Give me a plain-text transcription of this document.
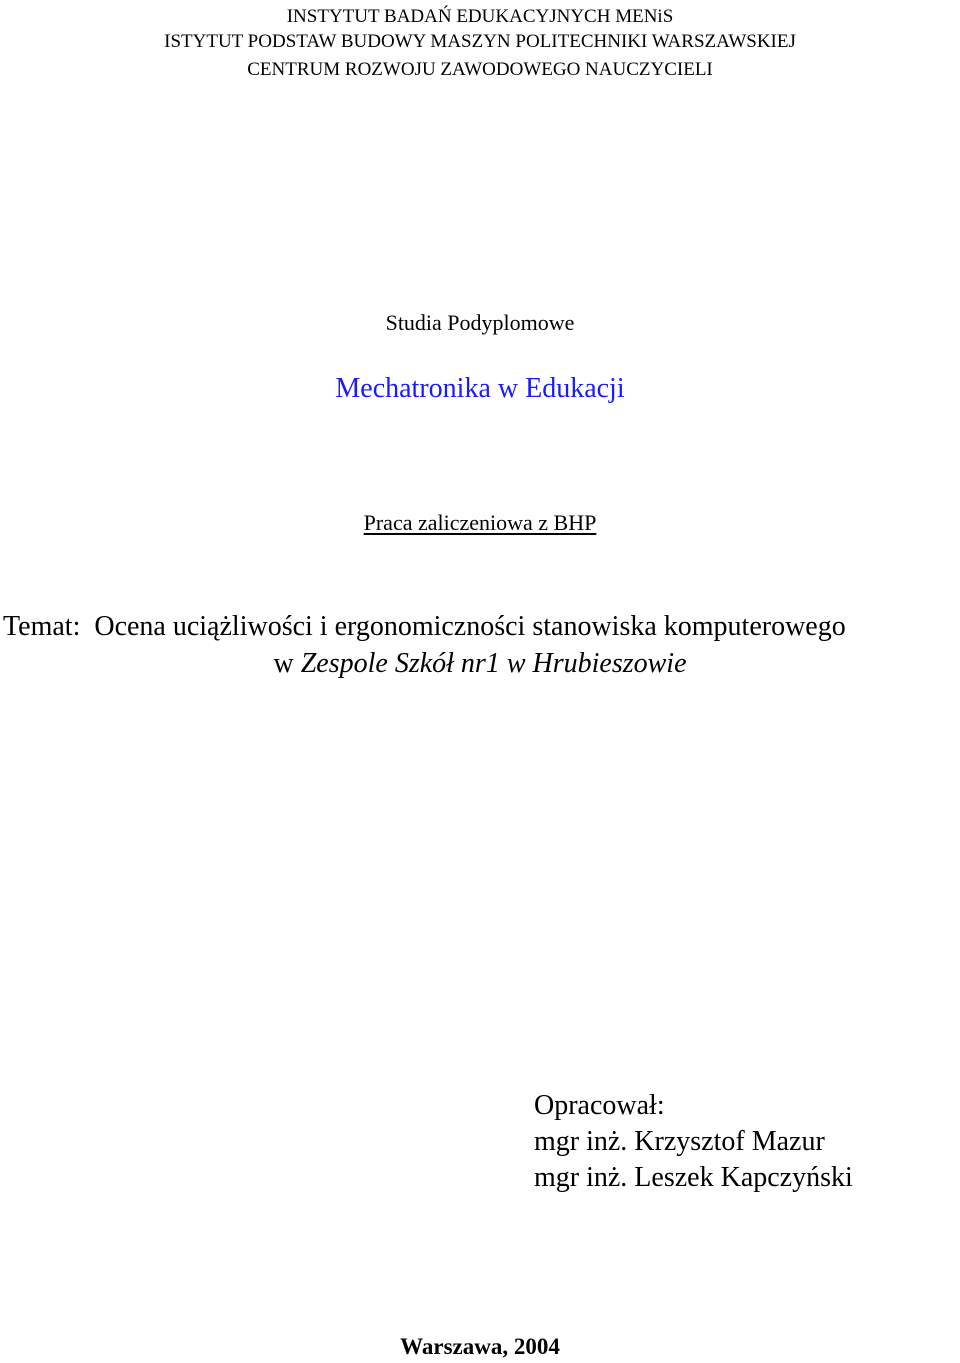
INSTYTUT BADAŃ EDUKACYJNYCH MENiS
ISTYTUT PODSTAW BUDOWY MASZYN POLITECHNIKI WARSZAWSKIEJ
CENTRUM ROZWOJU ZAWODOWEGO NAUCZYCIELI
Studia Podyplomowe
Mechatronika w Edukacji
Praca zaliczeniowa z BHP
Temat: Ocena uciążliwości i ergonomiczności stanowiska komputerowego
w Zespole Szkół nr1 w Hrubieszowie
Opracował:
mgr inż. Krzysztof Mazur
mgr inż. Leszek Kapczyński
Warszawa, 2004
